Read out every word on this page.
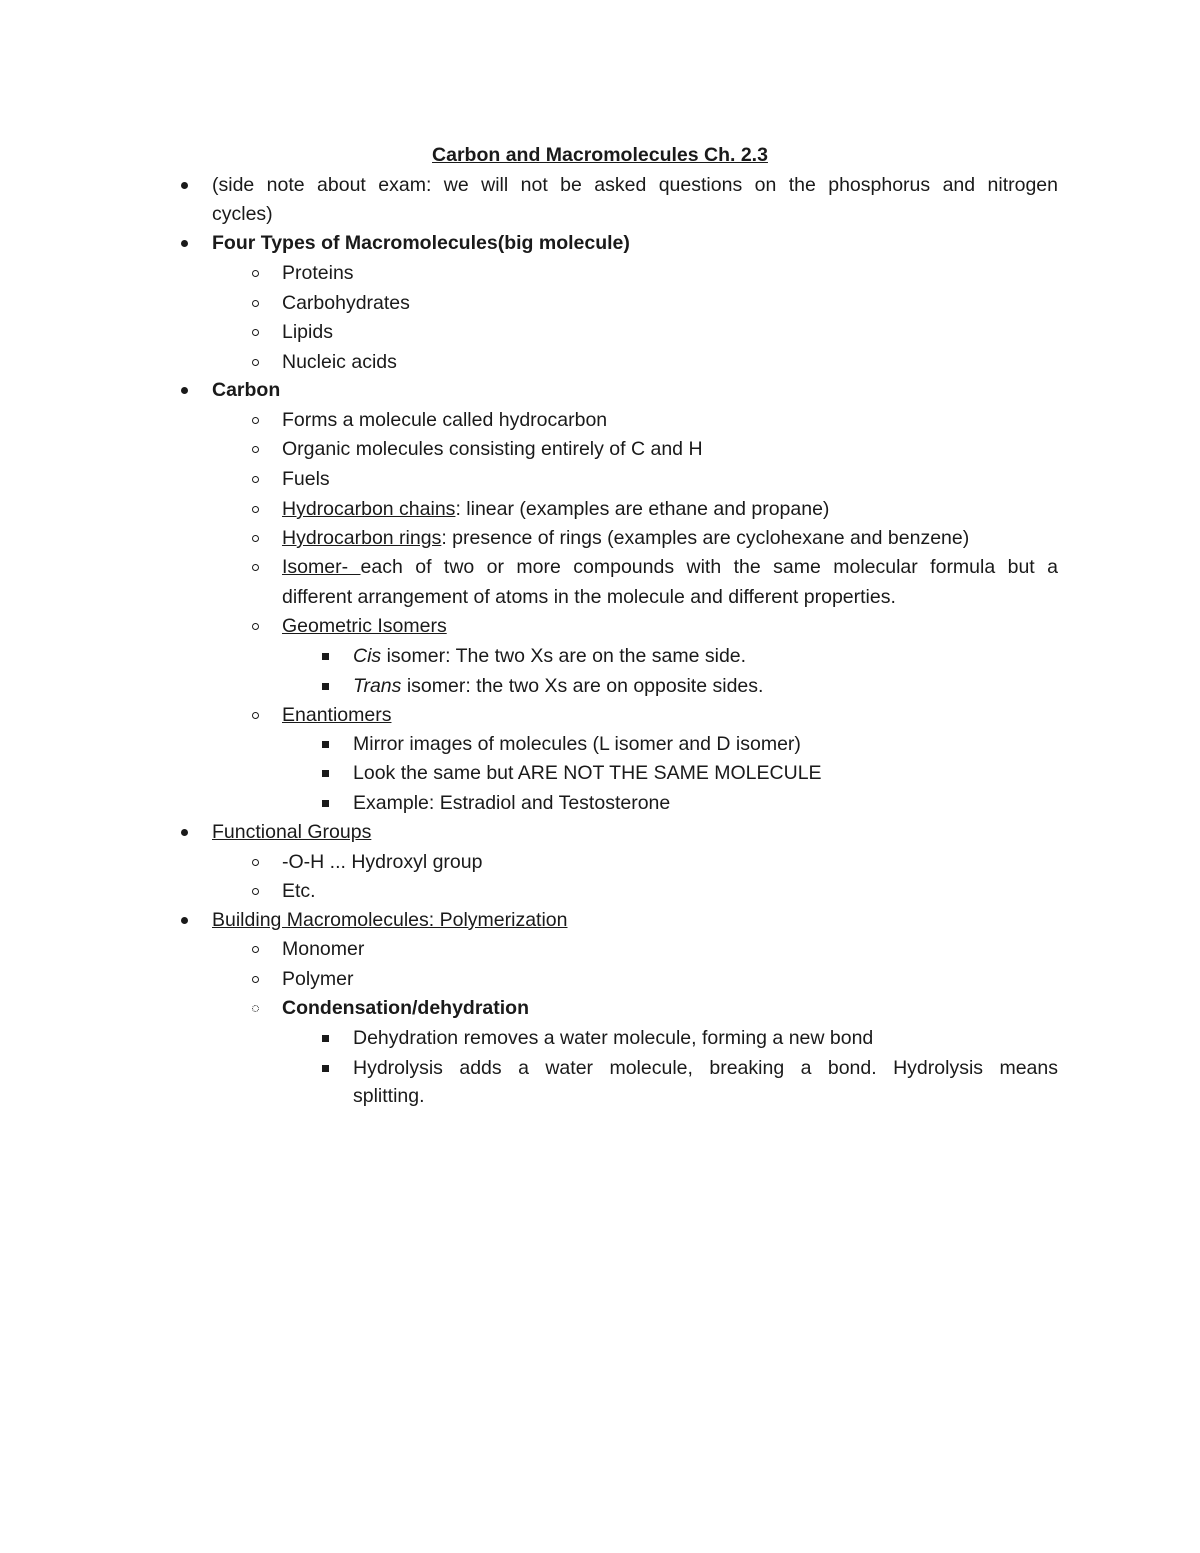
Carbon and Macromolecules Ch. 2.3
(side note about exam: we will not be asked questions on the phosphorus and nitrogen
cycles)
Four Types of Macromolecules(big molecule)
Proteins
Carbohydrates
Lipids
Nucleic acids
Carbon
Forms a molecule called hydrocarbon
Organic molecules consisting entirely of C and H
Fuels
Hydrocarbon chains: linear (examples are ethane and propane)
Hydrocarbon rings: presence of rings (examples are cyclohexane and benzene)
Isomer- each of two or more compounds with the same molecular formula but a
different arrangement of atoms in the molecule and different properties.
Geometric Isomers
Cis isomer: The two Xs are on the same side.
Trans isomer: the two Xs are on opposite sides.
Enantiomers
Mirror images of molecules (L isomer and D isomer)
Look the same but ARE NOT THE SAME MOLECULE
Example: Estradiol and Testosterone
Functional Groups
-O-H ... Hydroxyl group
Etc.
Building Macromolecules: Polymerization
Monomer
Polymer
Condensation/dehydration
Dehydration removes a water molecule, forming a new bond
Hydrolysis adds a water molecule, breaking a bond. Hydrolysis means
splitting.
